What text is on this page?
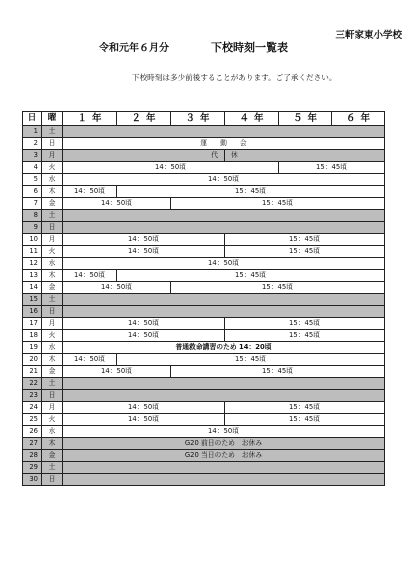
三軒家東小学校
令和元年６月分	下校時刻一覧表
下校時刻は多少前後することがあります。ご了承ください。
日	曜	１年	２年	３年	４年	５年	６年
1	土						
2	日	運動会					
3	月	代			休		
4	火	14：50頃				15：45頃	
5	水	14：50頃					
6	木	14：50頃	15：45頃				
7	金	14：50頃		15：45頃			
8	土						
9	日						
10	月	14：50頃			15：45頃		
11	火	14：50頃			15：45頃		
12	水	14：50頃					
13	木	14：50頃	15：45頃				
14	金	14：50頃		15：45頃			
15	土						
16	日						
17	月	14：50頃			15：45頃		
18	火	14：50頃			15：45頃		
19	水	普通救命講習のため 14：20頃					
20	木	14：50頃	15：45頃				
21	金	14：50頃		15：45頃			
22	土						
23	日						
24	月	14：50頃			15：45頃		
25	火	14：50頃			15：45頃		
26	水	14：50頃					
27	木	G20 前日のため　お休み					
28	金	G20 当日のため　お休み					
29	土						
30	日						
